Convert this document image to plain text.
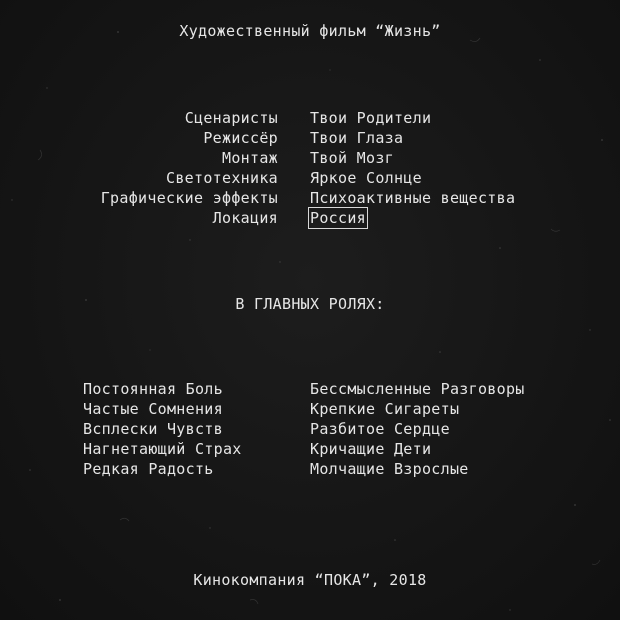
Художественный фильм “Жизнь”
Сценаристы
Режиссёр
Монтаж
Светотехника
Графические эффекты
Локация
Твои Родители
Твои Глаза
Твой Мозг
Яркое Солнце
Психоактивные вещества
Россия
В ГЛАВНЫХ РОЛЯХ:
Постоянная Боль
Частые Сомнения
Всплески Чувств
Нагнетающий Страх
Редкая Радость
Бессмысленные Разговоры
Крепкие Сигареты
Разбитое Сердце
Кричащие Дети
Молчащие Взрослые
Кинокомпания “ПОКА”, 2018
